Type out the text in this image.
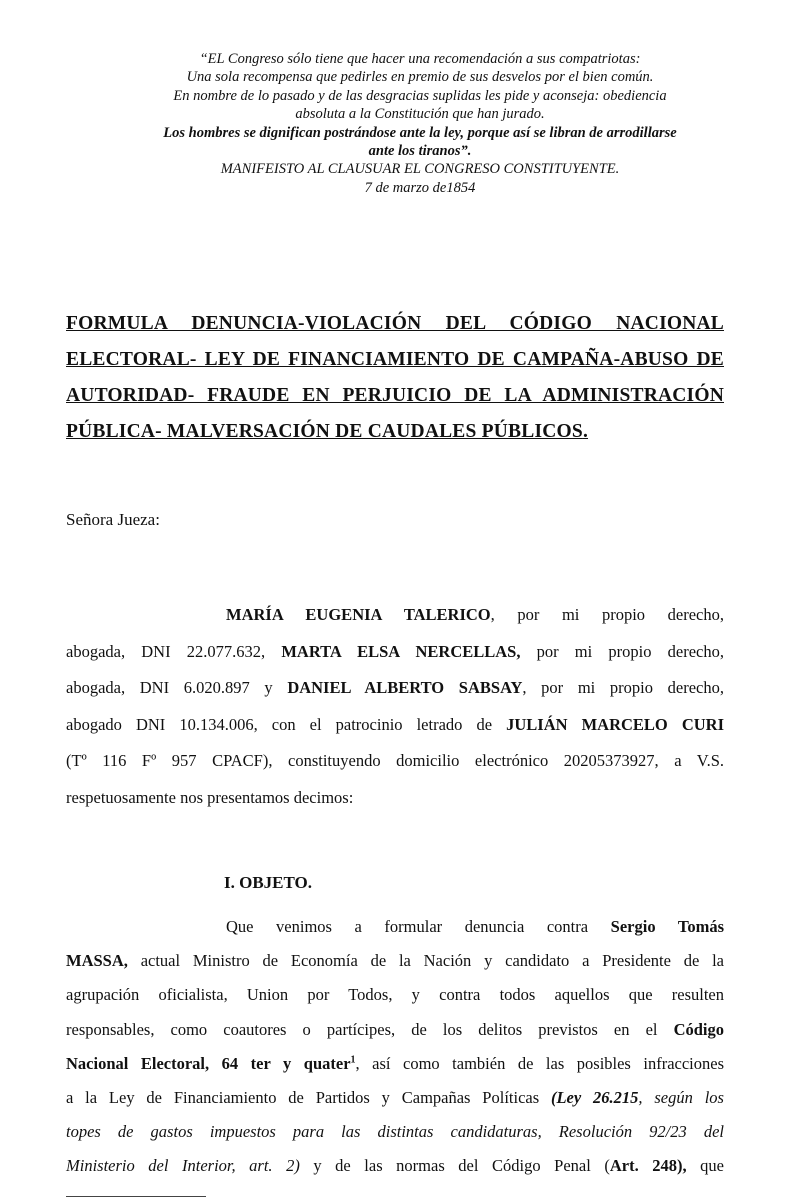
“EL Congreso sólo tiene que hacer una recomendación a sus compatriotas:
Una sola recompensa que pedirles en premio de sus desvelos por el bien común.
En nombre de lo pasado y de las desgracias suplidas les pide y aconseja: obediencia
absoluta a la Constitución que han jurado.
Los hombres se dignifican postrándose ante la ley, porque así se libran de arrodillarse
ante los tiranos”.
MANIFEISTO AL CLAUSUAR EL CONGRESO CONSTITUYENTE.
7 de marzo de1854
FORMULA DENUNCIA-VIOLACIÓN DEL CÓDIGO NACIONAL
ELECTORAL- LEY DE FINANCIAMIENTO DE CAMPAÑA-ABUSO DE
AUTORIDAD- FRAUDE EN PERJUICIO DE LA ADMINISTRACIÓN
PÚBLICA- MALVERSACIÓN DE CAUDALES PÚBLICOS.
Señora Jueza:
MARÍA EUGENIA TALERICO, por mi propio derecho,
abogada, DNI 22.077.632, MARTA ELSA NERCELLAS, por mi propio derecho,
abogada, DNI 6.020.897 y DANIEL ALBERTO SABSAY, por mi propio derecho,
abogado DNI 10.134.006, con el patrocinio letrado de JULIÁN MARCELO CURI
(Tº 116 Fº 957 CPACF), constituyendo domicilio electrónico 20205373927, a V.S.
respetuosamente nos presentamos decimos:
I. OBJETO.
Que venimos a formular denuncia contra Sergio Tomás
MASSA, actual Ministro de Economía de la Nación y candidato a Presidente de la
agrupación oficialista, Union por Todos, y contra todos aquellos que resulten
responsables, como coautores o partícipes, de los delitos previstos en el Código
Nacional Electoral, 64 ter y quater$^1$, así como también de las posibles infracciones
a la Ley de Financiamiento de Partidos y Campañas Políticas (Ley 26.215, según los
topes de gastos impuestos para las distintas candidaturas, Resolución 92/23 del
Ministerio del Interior, art. 2) y de las normas del Código Penal (Art. 248), que
